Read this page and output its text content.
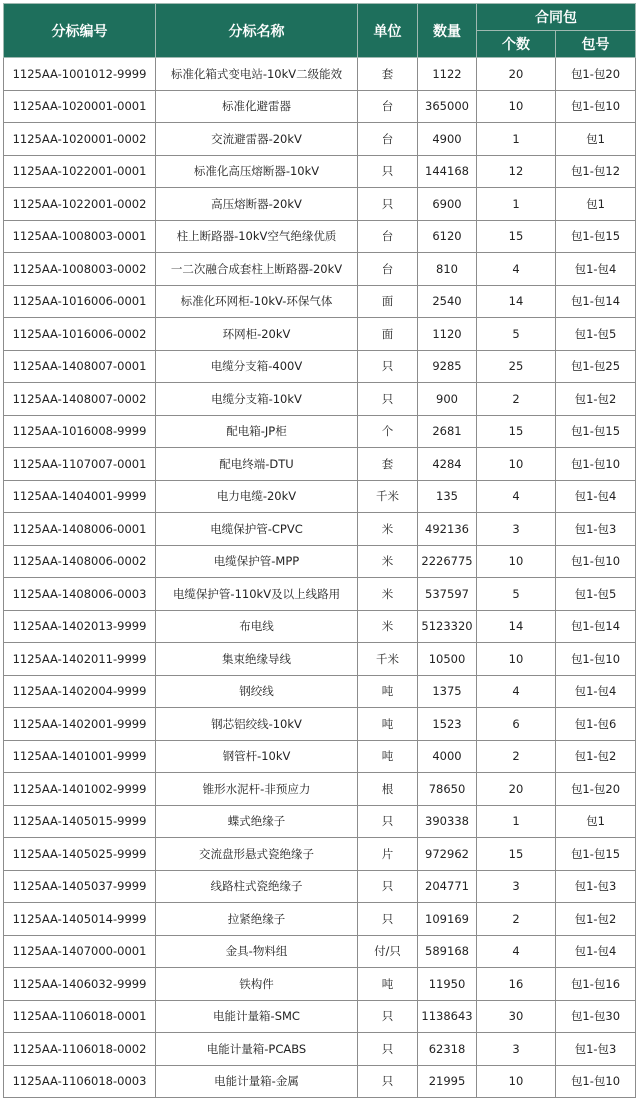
分标编号	分标名称	单位	数量	合同包	
				个数	包号
1125AA-1001012-9999	标准化箱式变电站-10kV二级能效	套	1122	20	包1-包20
1125AA-1020001-0001	标准化避雷器	台	365000	10	包1-包10
1125AA-1020001-0002	交流避雷器-20kV	台	4900	1	包1
1125AA-1022001-0001	标准化高压熔断器-10kV	只	144168	12	包1-包12
1125AA-1022001-0002	高压熔断器-20kV	只	6900	1	包1
1125AA-1008003-0001	柱上断路器-10kV空气绝缘优质	台	6120	15	包1-包15
1125AA-1008003-0002	一二次融合成套柱上断路器-20kV	台	810	4	包1-包4
1125AA-1016006-0001	标准化环网柜-10kV-环保气体	面	2540	14	包1-包14
1125AA-1016006-0002	环网柜-20kV	面	1120	5	包1-包5
1125AA-1408007-0001	电缆分支箱-400V	只	9285	25	包1-包25
1125AA-1408007-0002	电缆分支箱-10kV	只	900	2	包1-包2
1125AA-1016008-9999	配电箱-JP柜	个	2681	15	包1-包15
1125AA-1107007-0001	配电终端-DTU	套	4284	10	包1-包10
1125AA-1404001-9999	电力电缆-20kV	千米	135	4	包1-包4
1125AA-1408006-0001	电缆保护管-CPVC	米	492136	3	包1-包3
1125AA-1408006-0002	电缆保护管-MPP	米	2226775	10	包1-包10
1125AA-1408006-0003	电缆保护管-110kV及以上线路用	米	537597	5	包1-包5
1125AA-1402013-9999	布电线	米	5123320	14	包1-包14
1125AA-1402011-9999	集束绝缘导线	千米	10500	10	包1-包10
1125AA-1402004-9999	钢绞线	吨	1375	4	包1-包4
1125AA-1402001-9999	钢芯铝绞线-10kV	吨	1523	6	包1-包6
1125AA-1401001-9999	钢管杆-10kV	吨	4000	2	包1-包2
1125AA-1401002-9999	锥形水泥杆-非预应力	根	78650	20	包1-包20
1125AA-1405015-9999	蝶式绝缘子	只	390338	1	包1
1125AA-1405025-9999	交流盘形悬式瓷绝缘子	片	972962	15	包1-包15
1125AA-1405037-9999	线路柱式瓷绝缘子	只	204771	3	包1-包3
1125AA-1405014-9999	拉紧绝缘子	只	109169	2	包1-包2
1125AA-1407000-0001	金具-物料组	付/只	589168	4	包1-包4
1125AA-1406032-9999	铁构件	吨	11950	16	包1-包16
1125AA-1106018-0001	电能计量箱-SMC	只	1138643	30	包1-包30
1125AA-1106018-0002	电能计量箱-PCABS	只	62318	3	包1-包3
1125AA-1106018-0003	电能计量箱-金属	只	21995	10	包1-包10
